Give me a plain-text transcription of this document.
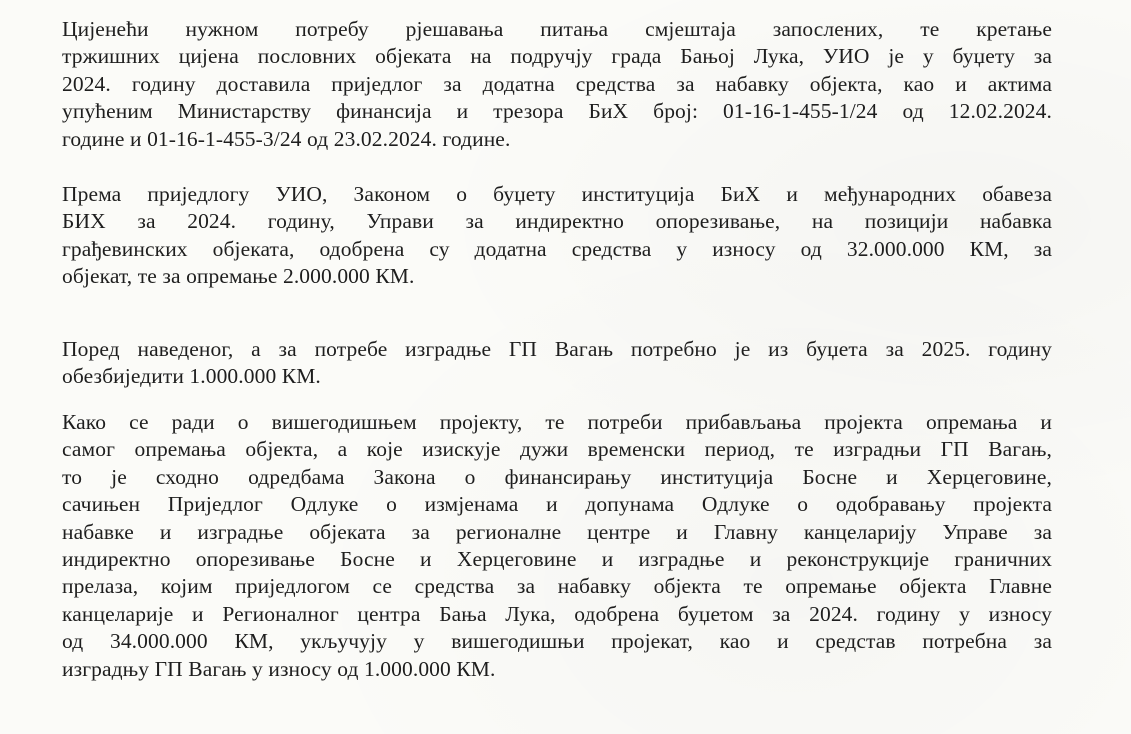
Цијенећи нужном потребу рјешавања питања смјештаја запослених, те кретање
тржишних цијена пословних објеката на подручју града Бањој Лука, УИО је у буџету за
2024. годину доставила приједлог за додатна средства за набавку објекта, као и актима
упућеним Министарству финансија и трезора БиХ број: 01-16-1-455-1/24 од 12.02.2024.
године и 01-16-1-455-3/24 од 23.02.2024. године.
Према приједлогу УИО, Законом о буџету институција БиХ и међународних обавеза
БИХ за 2024. годину, Управи за индиректно опорезивање, на позицији набавка
грађевинских објеката, одобрена су додатна средства у износу од 32.000.000 КМ, за
објекат, те за опремање 2.000.000 КМ.
Поред наведеног, а за потребе изградње ГП Вагањ потребно је из буџета за 2025. годину
обезбиједити 1.000.000 КМ.
Како се ради о вишегодишњем пројекту, те потреби прибављања пројекта опремања и
самог опремања објекта, а које изискује дужи временски период, те изградњи ГП Вагањ,
то је сходно одредбама Закона о финансирању институција Босне и Херцеговине,
сачињен Приједлог Одлуке о измјенама и допунама Одлуке о одобравању пројекта
набавке и изградње објеката за регионалне центре и Главну канцеларију Управе за
индиректно опорезивање Босне и Херцеговине и изградње и реконструкције граничних
прелаза, којим приједлогом се средства за набавку објекта те опремање објекта Главне
канцеларије и Регионалног центра Бања Лука, одобрена буџетом за 2024. годину у износу
од 34.000.000 КМ, укључују у вишегодишњи пројекат, као и средстав потребна за
изградњу ГП Вагањ у износу од 1.000.000 КМ.
